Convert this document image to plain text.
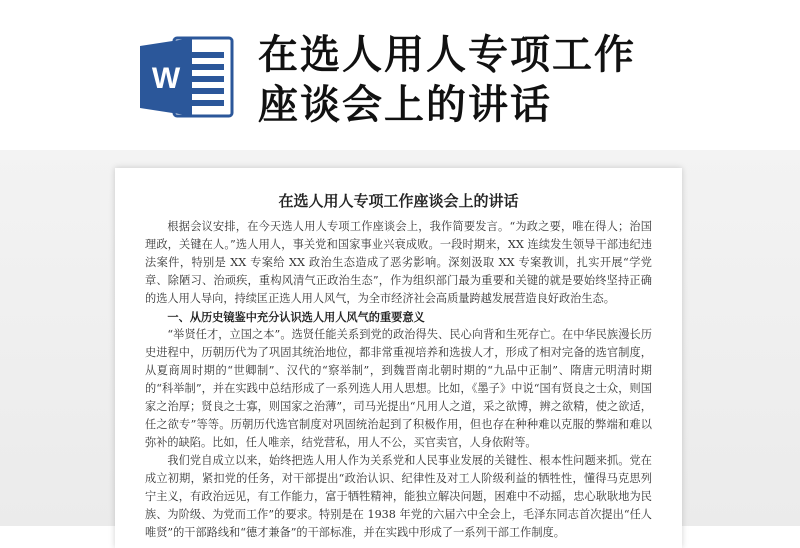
W
在选人用人专项工作
座谈会上的讲话
在选人用人专项工作座谈会上的讲话

根据会议安排，在今天选人用人专项工作座谈会上，我作简要发言。“为政之要，唯在得人；治国理政，关键在人。”选人用人，事关党和国家事业兴衰成败。一段时期来，XX 连续发生领导干部违纪违法案件，特别是 XX 专案给 XX 政治生态造成了恶劣影响。深刻汲取 XX 专案教训，扎实开展“学党章、除陋习、治顽疾，重构风清气正政治生态”，作为组织部门最为重要和关键的就是要始终坚持正确的选人用人导向，持续匡正选人用人风气，为全市经济社会高质量跨越发展营造良好政治生态。

一、从历史镜鉴中充分认识选人用人风气的重要意义

“举贤任才，立国之本”。选贤任能关系到党的政治得失、民心向背和生死存亡。在中华民族漫长历史进程中，历朝历代为了巩固其统治地位，都非常重视培养和选拔人才，形成了相对完备的选官制度，从夏商周时期的“世卿制”、汉代的“察举制”，到魏晋南北朝时期的“九品中正制”、隋唐元明清时期的“科举制”，并在实践中总结形成了一系列选人用人思想。比如，《墨子》中说“国有贤良之士众，则国家之治厚；贤良之士寡，则国家之治薄”，司马光提出“凡用人之道，采之欲博，辨之欲精，使之欲适，任之欲专”等等。历朝历代选官制度对巩固统治起到了积极作用，但也存在种种难以克服的弊端和难以弥补的缺陷。比如，任人唯亲，结党营私，用人不公，买官卖官，人身依附等。

我们党自成立以来，始终把选人用人作为关系党和人民事业发展的关键性、根本性问题来抓。党在成立初期，紧扣党的任务，对干部提出“政治认识、纪律性及对工人阶级利益的牺牲性，懂得马克思列宁主义，有政治远见，有工作能力，富于牺牲精神，能独立解决问题，困难中不动摇，忠心耿耿地为民族、为阶级、为党而工作”的要求。特别是在 1938 年党的六届六中全会上，毛泽东同志首次提出“任人唯贤”的干部路线和“德才兼备”的干部标准，并在实践中形成了一系列干部工作制度。
